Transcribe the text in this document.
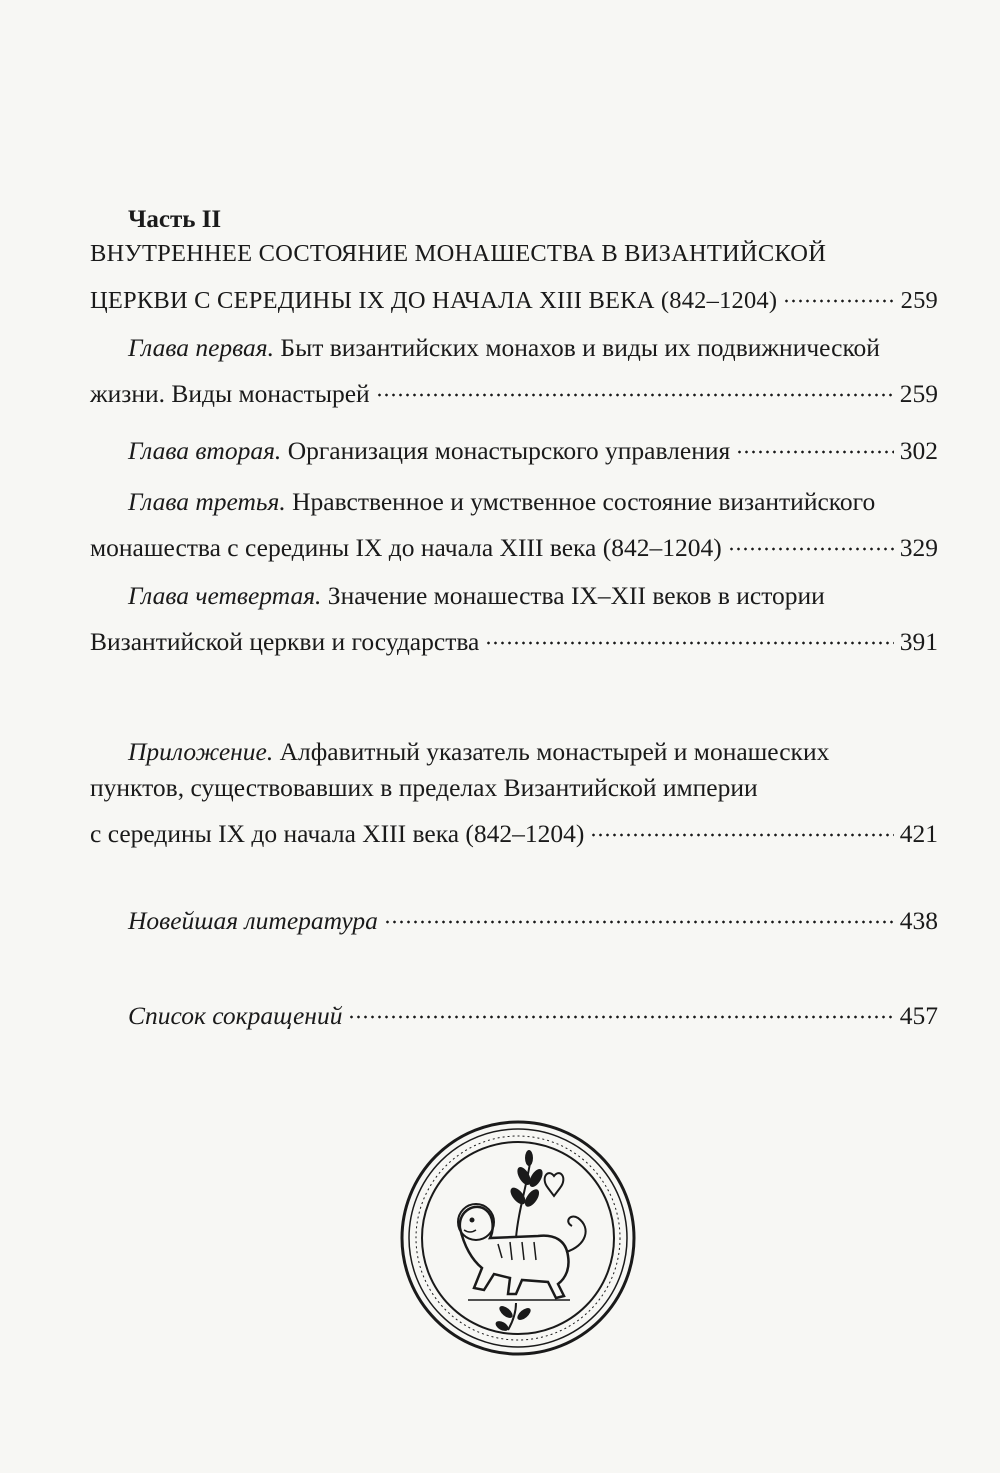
Часть II
ВНУТРЕННЕЕ СОСТОЯНИЕ МОНАШЕСТВА В ВИЗАНТИЙСКОЙ
ЦЕРКВИ С СЕРЕДИНЫ IX ДО НАЧАЛА XIII ВЕКА (842–1204)	259
Глава первая. Быт византийских монахов и виды их подвижнической
жизни. Виды монастырей	259
Глава вторая. Организация монастырского управления	302
Глава третья. Нравственное и умственное состояние византийского
монашества с середины IX до начала XIII века (842–1204)	329
Глава четвертая. Значение монашества IX–XII веков в истории
Византийской церкви и государства	391
Приложение. Алфавитный указатель монастырей и монашеских
пунктов, существовавших в пределах Византийской империи
с середины IX до начала XIII века (842–1204)	421
Новейшая литература	438
Список сокращений	457
